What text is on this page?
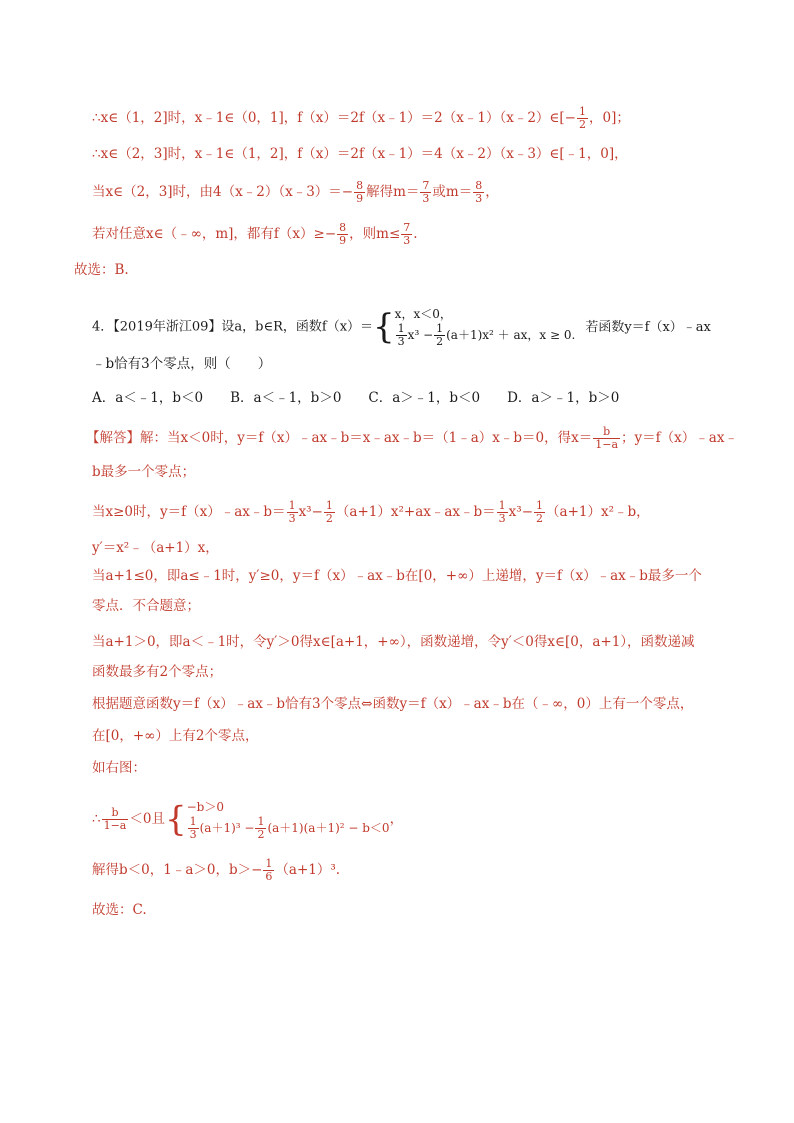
∴x∈（1，2]时，x﹣1∈（0，1]，f（x）＝2f（x﹣1）＝2（x﹣1）（x﹣2）∈[− $\frac{1}{2}$ ，0]；
∴x∈（2，3]时，x﹣1∈（1，2]，f（x）＝2f（x﹣1）＝4（x﹣2）（x﹣3）∈[﹣1，0]，
当x∈（2，3]时，由4（x﹣2）（x﹣3）＝− $\frac{8}{9}$ 解得$m= \frac{7}{3}$ 或$m= \frac{8}{3}$ ，
若对任意x∈（﹣∞，m]，都有$f(x)\ge- \frac{8}{9}$ ，则$m\le \frac{7}{3}$ .
故选：B.
4．【2019年浙江09】设a，b∈R，函数f（x）＝{ x，x＜0，
$\frac{1}{3} x^3 - \frac{1}{2} (a+1)x^2$ ＋ ax，x ≥ 0.
若函数y＝f（x）﹣ax
﹣b恰有3个零点，则（　　）
A．a＜﹣1，b＜0　　B．a＜﹣1，b＞0　　C．a＞﹣1，b＜0　　D．a＞﹣1，b＞0
【解答】解：当x＜0时，y＝f（x）﹣ax﹣b＝x﹣ax﹣b＝（1﹣a）x﹣b＝0，得$x= \frac{b}{1-a}$ ；y＝f（x）﹣ax﹣
b最多一个零点；
当x≥0时，y＝f（x）﹣ax﹣b＝ $\frac{1}{3} x^3- \frac{1}{2}$ （a+1）x²+ax﹣ax﹣b＝ $\frac{1}{3} x^3- \frac{1}{2}$ （a+1）x²﹣b，
y′＝x²﹣（a+1）x，
当a+1≤0，即a≤﹣1时，y′≥0，y＝f（x）﹣ax﹣b在[0，+∞）上递增，y＝f（x）﹣ax﹣b最多一个
零点．不合题意；
当a+1＞0，即a＜﹣1时，令y′＞0得x∈[a+1，+∞），函数递增，令y′＜0得x∈[0，a+1），函数递减
函数最多有2个零点；
根据题意函数y＝f（x）﹣ax﹣b恰有3个零点⇔函数y＝f（x）﹣ax﹣b在（﹣∞，0）上有一个零点，
在[0，+∞）上有2个零点，
如右图：
∴ $\frac{b}{1-a} <0$且{ −b＞0
$\frac{1}{3} (a+1)^3 - \frac{1}{2} (a+1)(a+1)^2 - b<0$
，
解得b＜0，1﹣a＞0，$b>- \frac{1}{6} (a+1)^3$.
故选：C.
